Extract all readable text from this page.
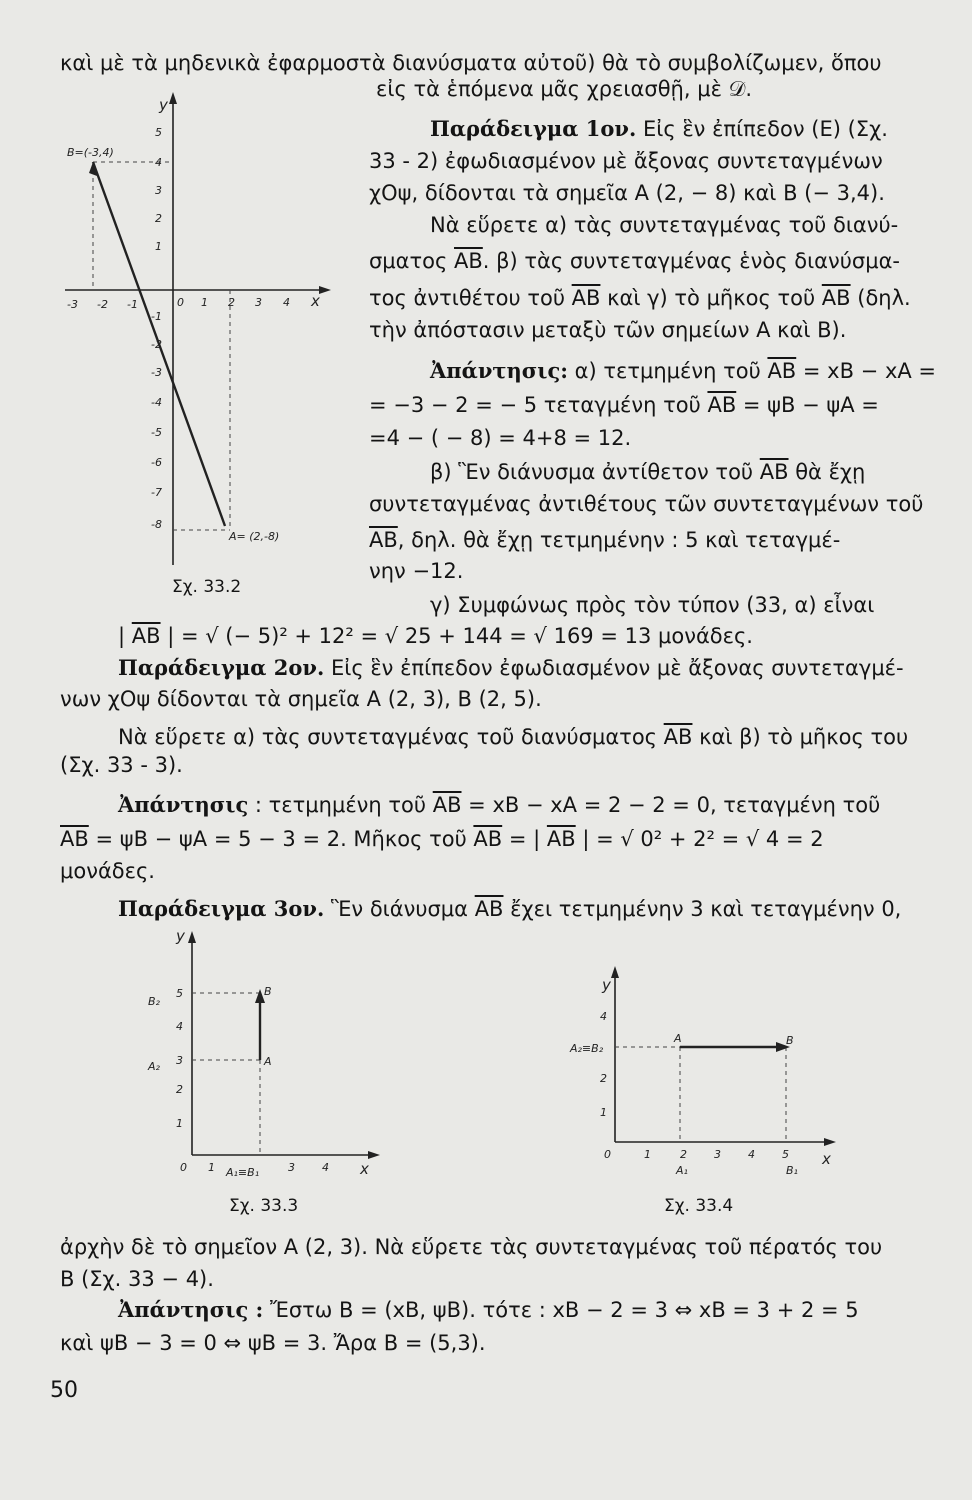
καὶ μὲ τὰ μηδενικὰ ἐφαρμοστὰ διανύσματα αὐτοῦ) θὰ τὸ συμβολίζωμεν, ὅπου
εἰς τὰ ἑπόμενα μᾶς χρειασθῇ, μὲ 𝒟.
Παράδειγμα 1ον. Εἰς ἓν ἐπίπεδον (Ε) (Σχ.
33 - 2) ἐφωδιασμένον μὲ ἄξονας συντεταγμένων
χΟψ, δίδονται τὰ σημεῖα Α (2, − 8) καὶ Β (− 3,4).
Νὰ εὕρετε α) τὰς συντεταγμένας τοῦ διανύ-
σματος $\overline{AB}$. β) τὰς συντεταγμένας ἑνὸς διανύσμα-
τος ἀντιθέτου τοῦ $\overline{AB}$ καὶ γ) τὸ μῆκος τοῦ $\overline{AB}$ (δηλ.
τὴν ἀπόστασιν μεταξὺ τῶν σημείων Α καὶ Β).
Ἀπάντησις: α) τετμημένη τοῦ $\overline{AB}$ = xB − xA =
= −3 − 2 = − 5 τεταγμένη τοῦ $\overline{AB} = \psi B - \psi A$ =
=4 − ( − 8) = 4+8 = 12.
β) Ἓν διάνυσμα ἀντίθετον τοῦ $\overline{AB}$ θὰ ἔχῃ
συντεταγμένας ἀντιθέτους τῶν συντεταγμένων τοῦ
$\overline{AB}$, δηλ. θὰ ἔχῃ τετμημένην : 5 καὶ τεταγμέ-
νην −12.
γ) Συμφώνως πρὸς τὸν τύπον (33, α) εἶναι
| $\overline{AB}$ | = √ (− 5)² + 12² = √ 25 + 144 = √ 169 = 13 μονάδες.
Παράδειγμα 2ον. Εἰς ἓν ἐπίπεδον ἐφωδιασμένον μὲ ἄξονας συντεταγμέ-
νων χΟψ δίδονται τὰ σημεῖα Α (2, 3), Β (2, 5).
Νὰ εὕρετε α) τὰς συντεταγμένας τοῦ διανύσματος $\overline{AB}$ καὶ β) τὸ μῆκος του
(Σχ. 33 - 3).
Ἀπάντησις : τετμημένη τοῦ $\overline{AB}$ = xB − xA = 2 − 2 = 0, τεταγμένη τοῦ
$\overline{AB} = \psi B - \psi A = 5 - 3 = 2$. Μῆκος τοῦ $\overline{AB}$ = | $\overline{AB}$ | = √ 0² + 2² = √ 4 = 2
μονάδες.
Παράδειγμα 3ον. Ἓν διάνυσμα $\overline{AB}$ ἔχει τετμημένην 3 καὶ τεταγμένην 0,
ἀρχὴν δὲ τὸ σημεῖον Α (2, 3). Νὰ εὕρετε τὰς συντεταγμένας τοῦ πέρατός του
Β (Σχ. 33 − 4).
Ἀπάντησις : Ἔστω Β = (xB, ψB). τότε : xB − 2 = 3 ⇔ xB = 3 + 2 = 5
καὶ ψB − 3 = 0 ⇔ ψB = 3. Ἄρα Β = (5,3).
50
5
4
3
2
1
-1
-2
-3
-4
-5
-6
-7
-8
-3 -2 -1	0 1 2 3 4 x
y
B=(-3,4)
A= (2,-8)
Σχ. 33.2
y
5
4
3
2
1
B₂
A₂
B
A
0 1 A₁≡B₁	3 4 x
Σχ. 33.3
y
4
A₂≡B₂
2
1
A	B
0	1	2 3 4 5
A₁	B₁
x
Σχ. 33.4
